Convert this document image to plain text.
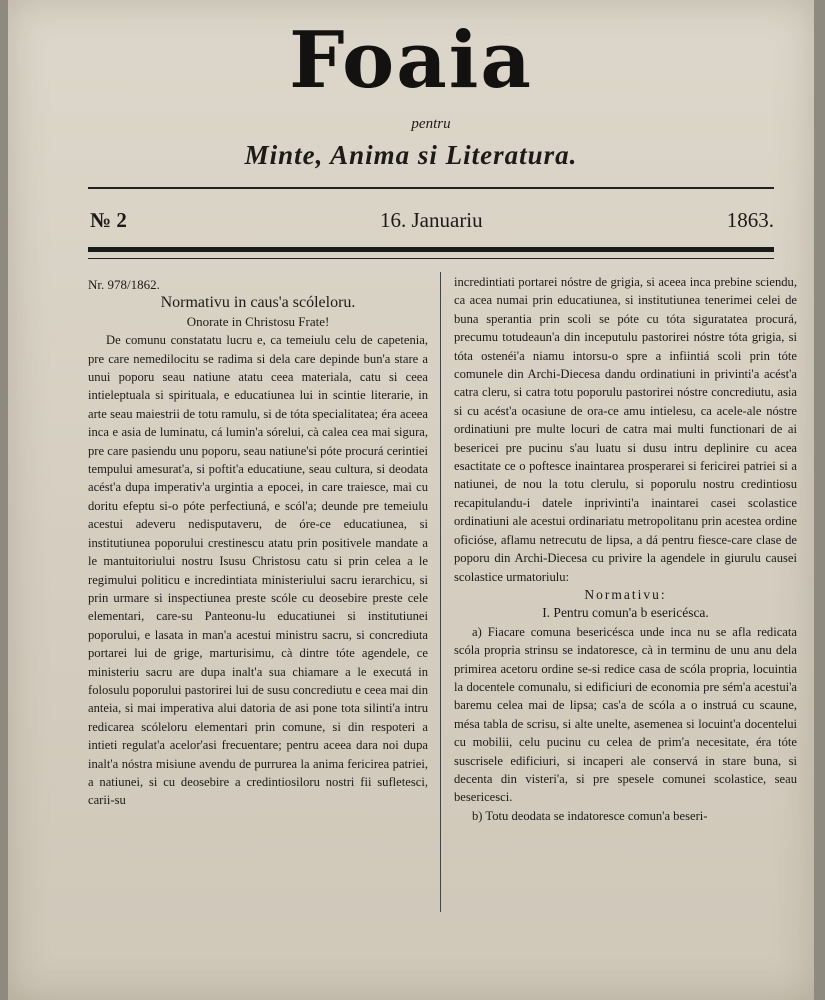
Foaia
pentru
Minte, Anima si Literatura.
№ 2	16. Januariu	1863.

Nr. 978/1862.

Normativu in caus'a scóleloru.

Onorate in Christosu Frate!

De comunu constatatu lucru e, ca temeiulu celu de capetenia, pre care nemedilocitu se radima si dela care depinde bun'a stare a unui poporu seau natiune atatu ceea materiala, catu si ceea intieleptuala si spirituala, e educatiunea lui in scintie literarie, in arte seau maiestrii de totu ramulu, si de tóta specialitatea; éra aceea inca e asia de luminatu, cá lumin'a sórelui, cà calea cea mai sigura, pre care pasiendu unu poporu, seau natiune'si póte procurá cerintiei tempului amesurat'a, si poftit'a educatiune, seau cultura, si deodata acést'a dupa imperativ'a urgintia a epocei, in care traiesce, mai cu doritu efeptu si-o póte perfectiuná, e scól'a; deunde pre temeiulu acestui adeveru nedisputaveru, de óre-ce educatiunea, si institutiunea poporului crestinescu atatu prin positivele mandate a le mantuitoriului nostru Isusu Christosu catu si prin celea a le regimului politicu e incredintiata ministeriului sacru ierarchicu, si prin urmare si inspectiunea preste scóle cu deosebire preste cele elementari, care-su Panteonu-lu educatiunei si institutiunei poporului, e lasata in man'a acestui ministru sacru, si concrediuta portarei lui de grige, marturisimu, cà dintre tóte agendele, ce ministeriu sacru are dupa inalt'a sua chiamare a le executá in folosulu poporului pastorirei lui de susu concrediutu e ceea mai din anteia, si mai imperativa alui datoria de asi pone tota silinti'a intru redicarea scóleloru elementari prin comune, si din respoteri a intieti regulat'a acelor'asi frecuentare; pentru aceea dara noi dupa inalt'a nóstra misiune avendu de purrurea la anima fericirea patriei, a natiunei, si cu deosebire a credintiosiloru nostri fii sufletesci, carii-su

incredintiati portarei nóstre de grigia, si aceea inca prebine sciendu, ca acea numai prin educatiunea, si institutiunea tenerimei celei de buna sperantia prin scoli se póte cu tóta siguratatea procurá, precumu totudeaun'a din inceputulu pastorirei nóstre tóta grigia, si tóta ostenéi'a niamu intorsu-o spre a infiintiá scoli prin tóte comunele din Archi-Diecesa dandu ordinatiuni in privinti'a acést'a catra cleru, si catra totu poporulu pastorirei nóstre concrediutu, asia si cu acést'a ocasiune de ora-ce amu intielesu, ca acele-ale nóstre ordinatiuni pre multe locuri de catra mai multi functionari de ai besericei pre pucinu s'au luatu si dusu intru deplinire cu acea esactitate ce o poftesce inaintarea prosperarei si fericirei patriei si a natiunei, de nou la totu clerulu, si poporulu nostru credintiosu recapitulandu-i datele inprivinti'a inaintarei casei scolastice ordinatiuni ale acestui ordinariatu metropolitanu prin acestea ordine oficióse, aflamu netrecutu de lipsa, a dá pentru fiesce-care clase de poporu din Archi-Diecesa cu privire la agendele in giurulu causei scolastice urmatoriulu:

Normativu:

I. Pentru comun'a b esericésca.

a) Fiacare comuna besericésca unde inca nu se afla redicata scóla propria strinsu se indatoresce, cà in terminu de unu anu dela primirea acetoru ordine se-si redice casa de scóla propria, locuintia la docentele comunalu, si edificiuri de economia pre sém'a acestui'a baremu celea mai de lipsa; cas'a de scóla a o instruá cu scaune, mésa tabla de scrisu, si alte unelte, asemenea si locuint'a docentelui cu mobilii, celu pucinu cu celea de prim'a necesitate, éra tóte suscrisele edificiuri, si incaperi ale conservá in stare buna, si decenta din visteri'a, si pre spesele comunei scolastice, seau besericesci.

b) Totu deodata se indatoresce comun'a beseri-
